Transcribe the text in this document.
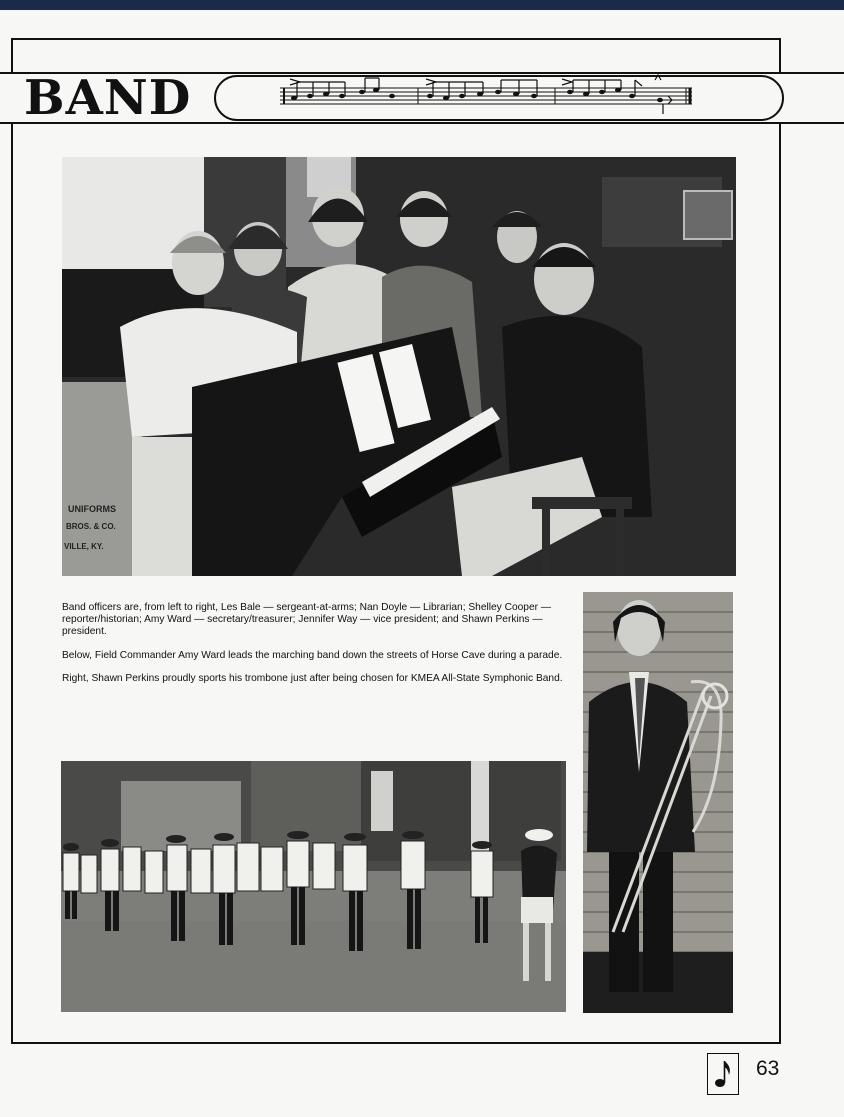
BAND
UNIFORMS
BROS. & CO.
VILLE, KY.

Band officers are, from left to right, Les Bale — sergeant-at-arms; Nan Doyle — Librarian; Shelley Cooper — reporter/historian; Amy Ward — secretary/treasurer; Jennifer Way — vice president; and Shawn Perkins — president.

Below, Field Commander Amy Ward leads the marching band down the streets of Horse Cave during a parade.

Right, Shawn Perkins proudly sports his trombone just after being chosen for KMEA All-State Symphonic Band.

63
